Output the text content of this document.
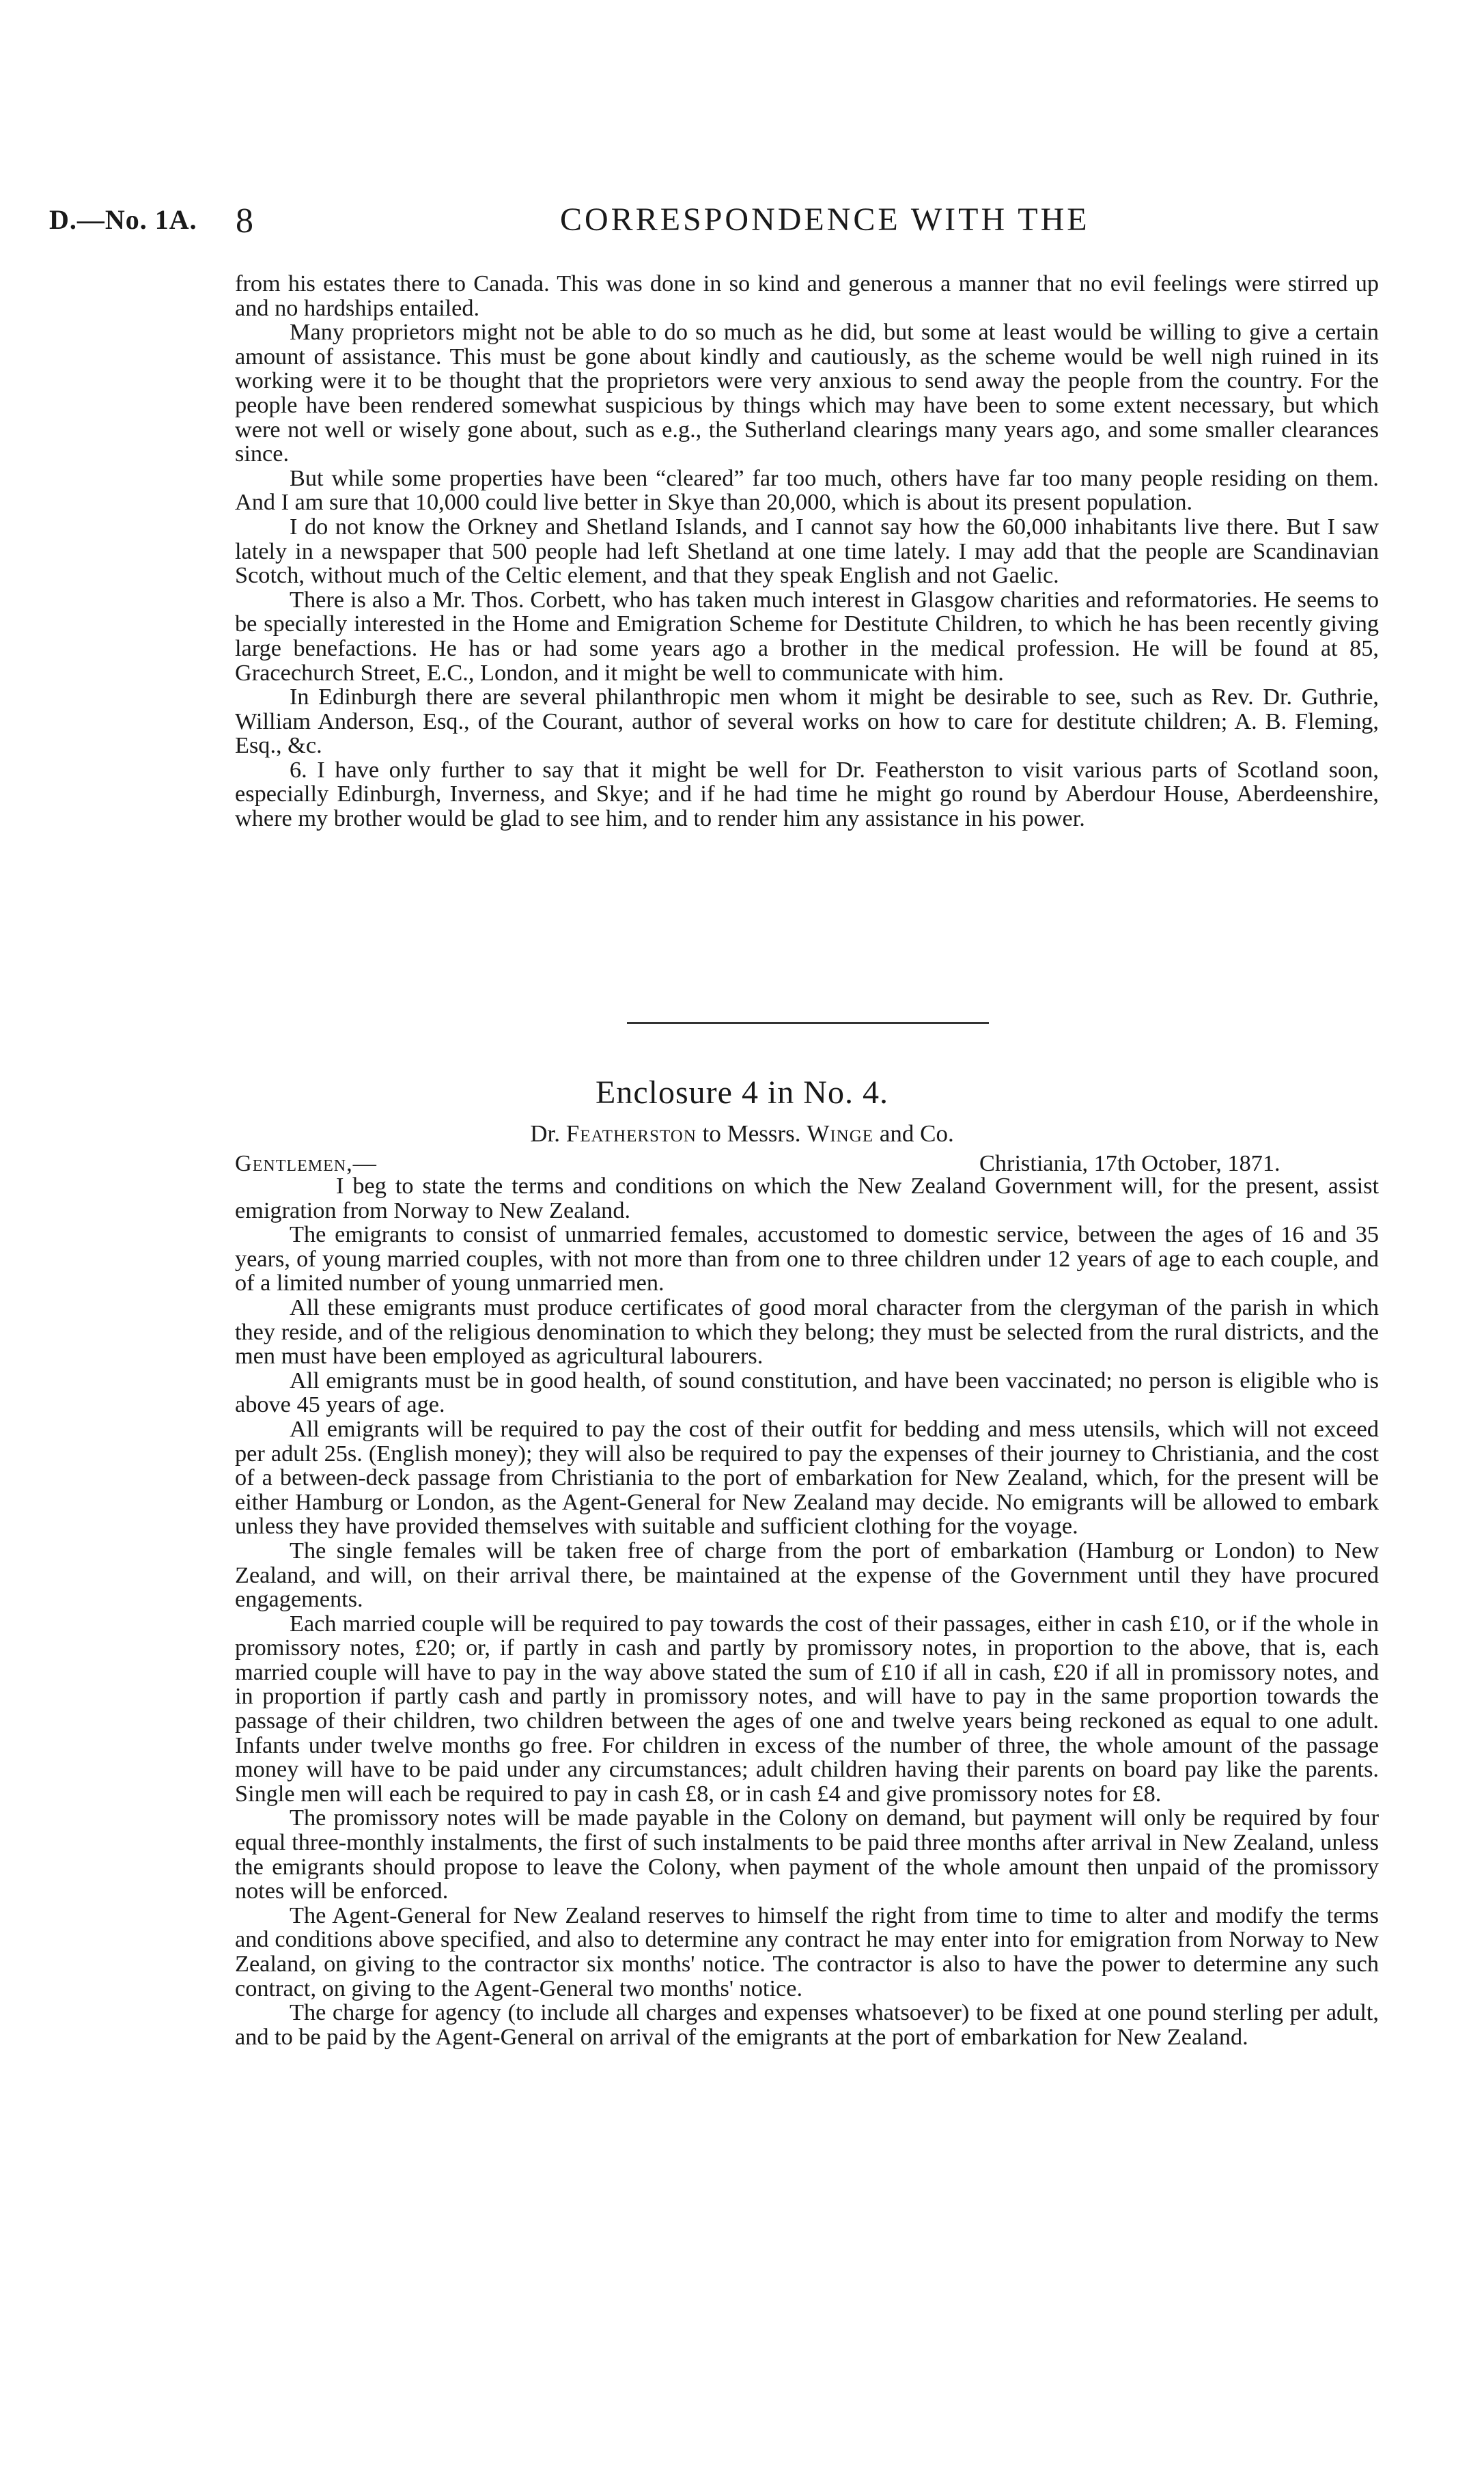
D.—No. 1A. 8	CORRESPONDENCE WITH THE

from his estates there to Canada. This was done in so kind and generous a manner that no evil feelings were stirred up and no hardships entailed.

Many proprietors might not be able to do so much as he did, but some at least would be willing to give a certain amount of assistance. This must be gone about kindly and cautiously, as the scheme would be well nigh ruined in its working were it to be thought that the proprietors were very anxious to send away the people from the country. For the people have been rendered somewhat suspicious by things which may have been to some extent necessary, but which were not well or wisely gone about, such as e.g., the Sutherland clearings many years ago, and some smaller clearances since.

But while some properties have been “cleared” far too much, others have far too many people residing on them. And I am sure that 10,000 could live better in Skye than 20,000, which is about its present population.

I do not know the Orkney and Shetland Islands, and I cannot say how the 60,000 inhabitants live there. But I saw lately in a newspaper that 500 people had left Shetland at one time lately. I may add that the people are Scandinavian Scotch, without much of the Celtic element, and that they speak English and not Gaelic.

There is also a Mr. Thos. Corbett, who has taken much interest in Glasgow charities and reformatories. He seems to be specially interested in the Home and Emigration Scheme for Destitute Children, to which he has been recently giving large benefactions. He has or had some years ago a brother in the medical profession. He will be found at 85, Gracechurch Street, E.C., London, and it might be well to communicate with him.

In Edinburgh there are several philanthropic men whom it might be desirable to see, such as Rev. Dr. Guthrie, William Anderson, Esq., of the Courant, author of several works on how to care for destitute children; A. B. Fleming, Esq., &c.

6. I have only further to say that it might be well for Dr. Featherston to visit various parts of Scotland soon, especially Edinburgh, Inverness, and Skye; and if he had time he might go round by Aberdour House, Aberdeenshire, where my brother would be glad to see him, and to render him any assistance in his power.

Enclosure 4 in No. 4.
Dr. Featherston to Messrs. Winge and Co.
Gentlemen,—	Christiania, 17th October, 1871.

I beg to state the terms and conditions on which the New Zealand Government will, for the present, assist emigration from Norway to New Zealand.

The emigrants to consist of unmarried females, accustomed to domestic service, between the ages of 16 and 35 years, of young married couples, with not more than from one to three children under 12 years of age to each couple, and of a limited number of young unmarried men.

All these emigrants must produce certificates of good moral character from the clergyman of the parish in which they reside, and of the religious denomination to which they belong; they must be selected from the rural districts, and the men must have been employed as agricultural labourers.

All emigrants must be in good health, of sound constitution, and have been vaccinated; no person is eligible who is above 45 years of age.

All emigrants will be required to pay the cost of their outfit for bedding and mess utensils, which will not exceed per adult 25s. (English money); they will also be required to pay the expenses of their journey to Christiania, and the cost of a between-deck passage from Christiania to the port of embarkation for New Zealand, which, for the present will be either Hamburg or London, as the Agent-General for New Zealand may decide. No emigrants will be allowed to embark unless they have provided themselves with suitable and sufficient clothing for the voyage.

The single females will be taken free of charge from the port of embarkation (Hamburg or London) to New Zealand, and will, on their arrival there, be maintained at the expense of the Government until they have procured engagements.

Each married couple will be required to pay towards the cost of their passages, either in cash £10, or if the whole in promissory notes, £20; or, if partly in cash and partly by promissory notes, in proportion to the above, that is, each married couple will have to pay in the way above stated the sum of £10 if all in cash, £20 if all in promissory notes, and in proportion if partly cash and partly in promissory notes, and will have to pay in the same proportion towards the passage of their children, two children between the ages of one and twelve years being reckoned as equal to one adult. Infants under twelve months go free. For children in excess of the number of three, the whole amount of the passage money will have to be paid under any circumstances; adult children having their parents on board pay like the parents. Single men will each be required to pay in cash £8, or in cash £4 and give promissory notes for £8.

The promissory notes will be made payable in the Colony on demand, but payment will only be required by four equal three-monthly instalments, the first of such instalments to be paid three months after arrival in New Zealand, unless the emigrants should propose to leave the Colony, when payment of the whole amount then unpaid of the promissory notes will be enforced.

The Agent-General for New Zealand reserves to himself the right from time to time to alter and modify the terms and conditions above specified, and also to determine any contract he may enter into for emigration from Norway to New Zealand, on giving to the contractor six months' notice. The contractor is also to have the power to determine any such contract, on giving to the Agent-General two months' notice.

The charge for agency (to include all charges and expenses whatsoever) to be fixed at one pound sterling per adult, and to be paid by the Agent-General on arrival of the emigrants at the port of embarkation for New Zealand.
